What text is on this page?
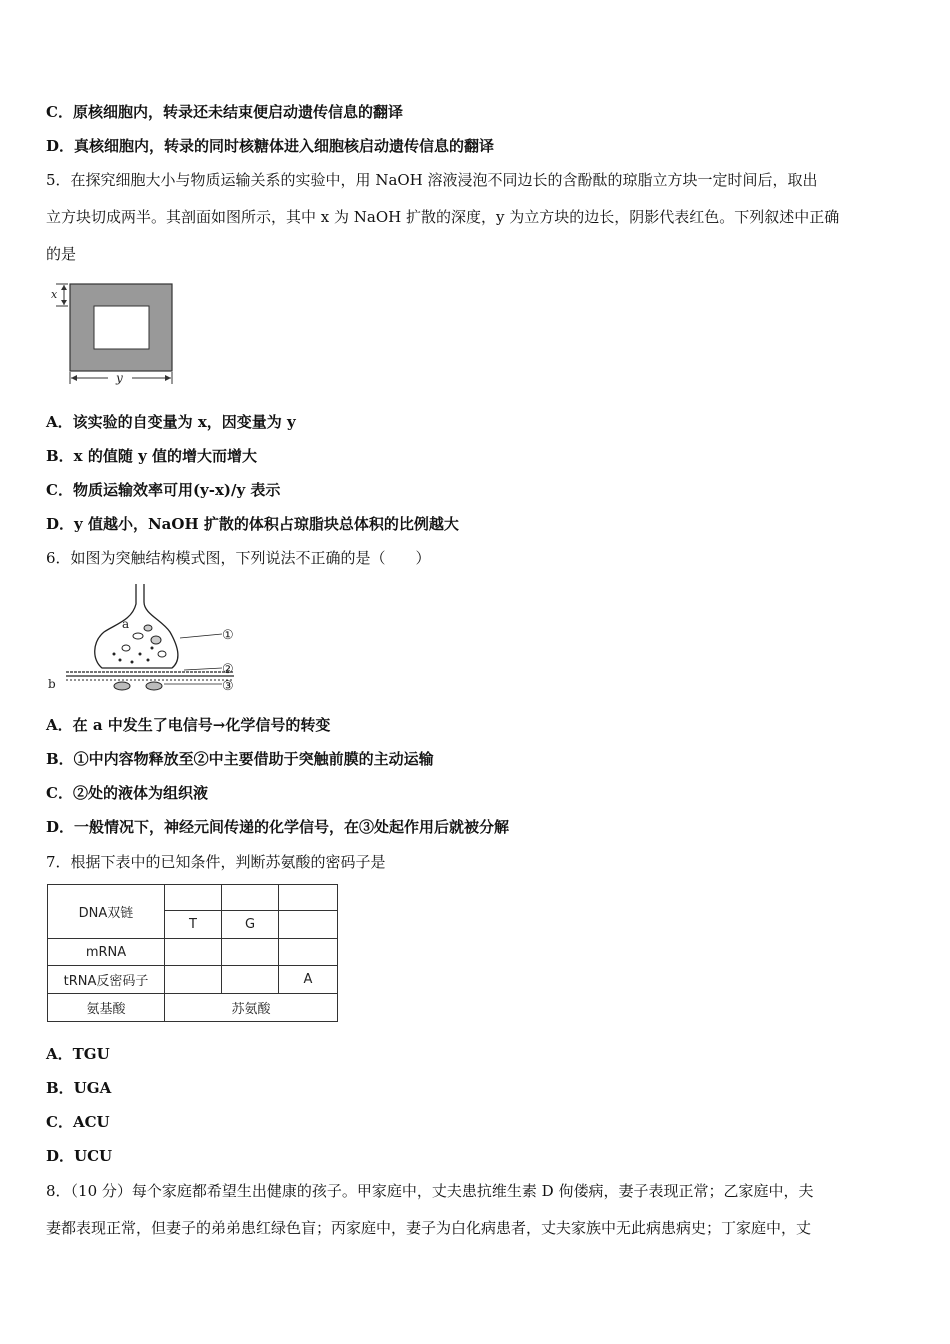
C．原核细胞内，转录还未结束便启动遗传信息的翻译
D．真核细胞内，转录的同时核糖体进入细胞核启动遗传信息的翻译
5．在探究细胞大小与物质运输关系的实验中，用 NaOH 溶液浸泡不同边长的含酚酞的琼脂立方块一定时间后，取出
立方块切成两半。其剖面如图所示，其中 x 为 NaOH 扩散的深度，y 为立方块的边长，阴影代表红色。下列叙述中正确
的是
x
y
A．该实验的自变量为 x，因变量为 y
B．x 的值随 y 值的增大而增大
C．物质运输效率可用(y-x)/y 表示
D．y 值越小，NaOH 扩散的体积占琼脂块总体积的比例越大
6．如图为突触结构模式图，下列说法不正确的是（　　）
a
b
①
②
③
A．在 a 中发生了电信号→化学信号的转变
B．①中内容物释放至②中主要借助于突触前膜的主动运输
C．②处的液体为组织液
D．一般情况下，神经元间传递的化学信号，在③处起作用后就被分解
7．根据下表中的已知条件，判断苏氨酸的密码子是
DNA双链			
	T	G	
mRNA			
tRNA反密码子			A
氨基酸	苏氨酸		
A．TGU
B．UGA
C．ACU
D．UCU
8．（10 分）每个家庭都希望生出健康的孩子。甲家庭中，丈夫患抗维生素 D 佝偻病，妻子表现正常；乙家庭中，夫
妻都表现正常，但妻子的弟弟患红绿色盲；丙家庭中，妻子为白化病患者，丈夫家族中无此病患病史；丁家庭中，丈
